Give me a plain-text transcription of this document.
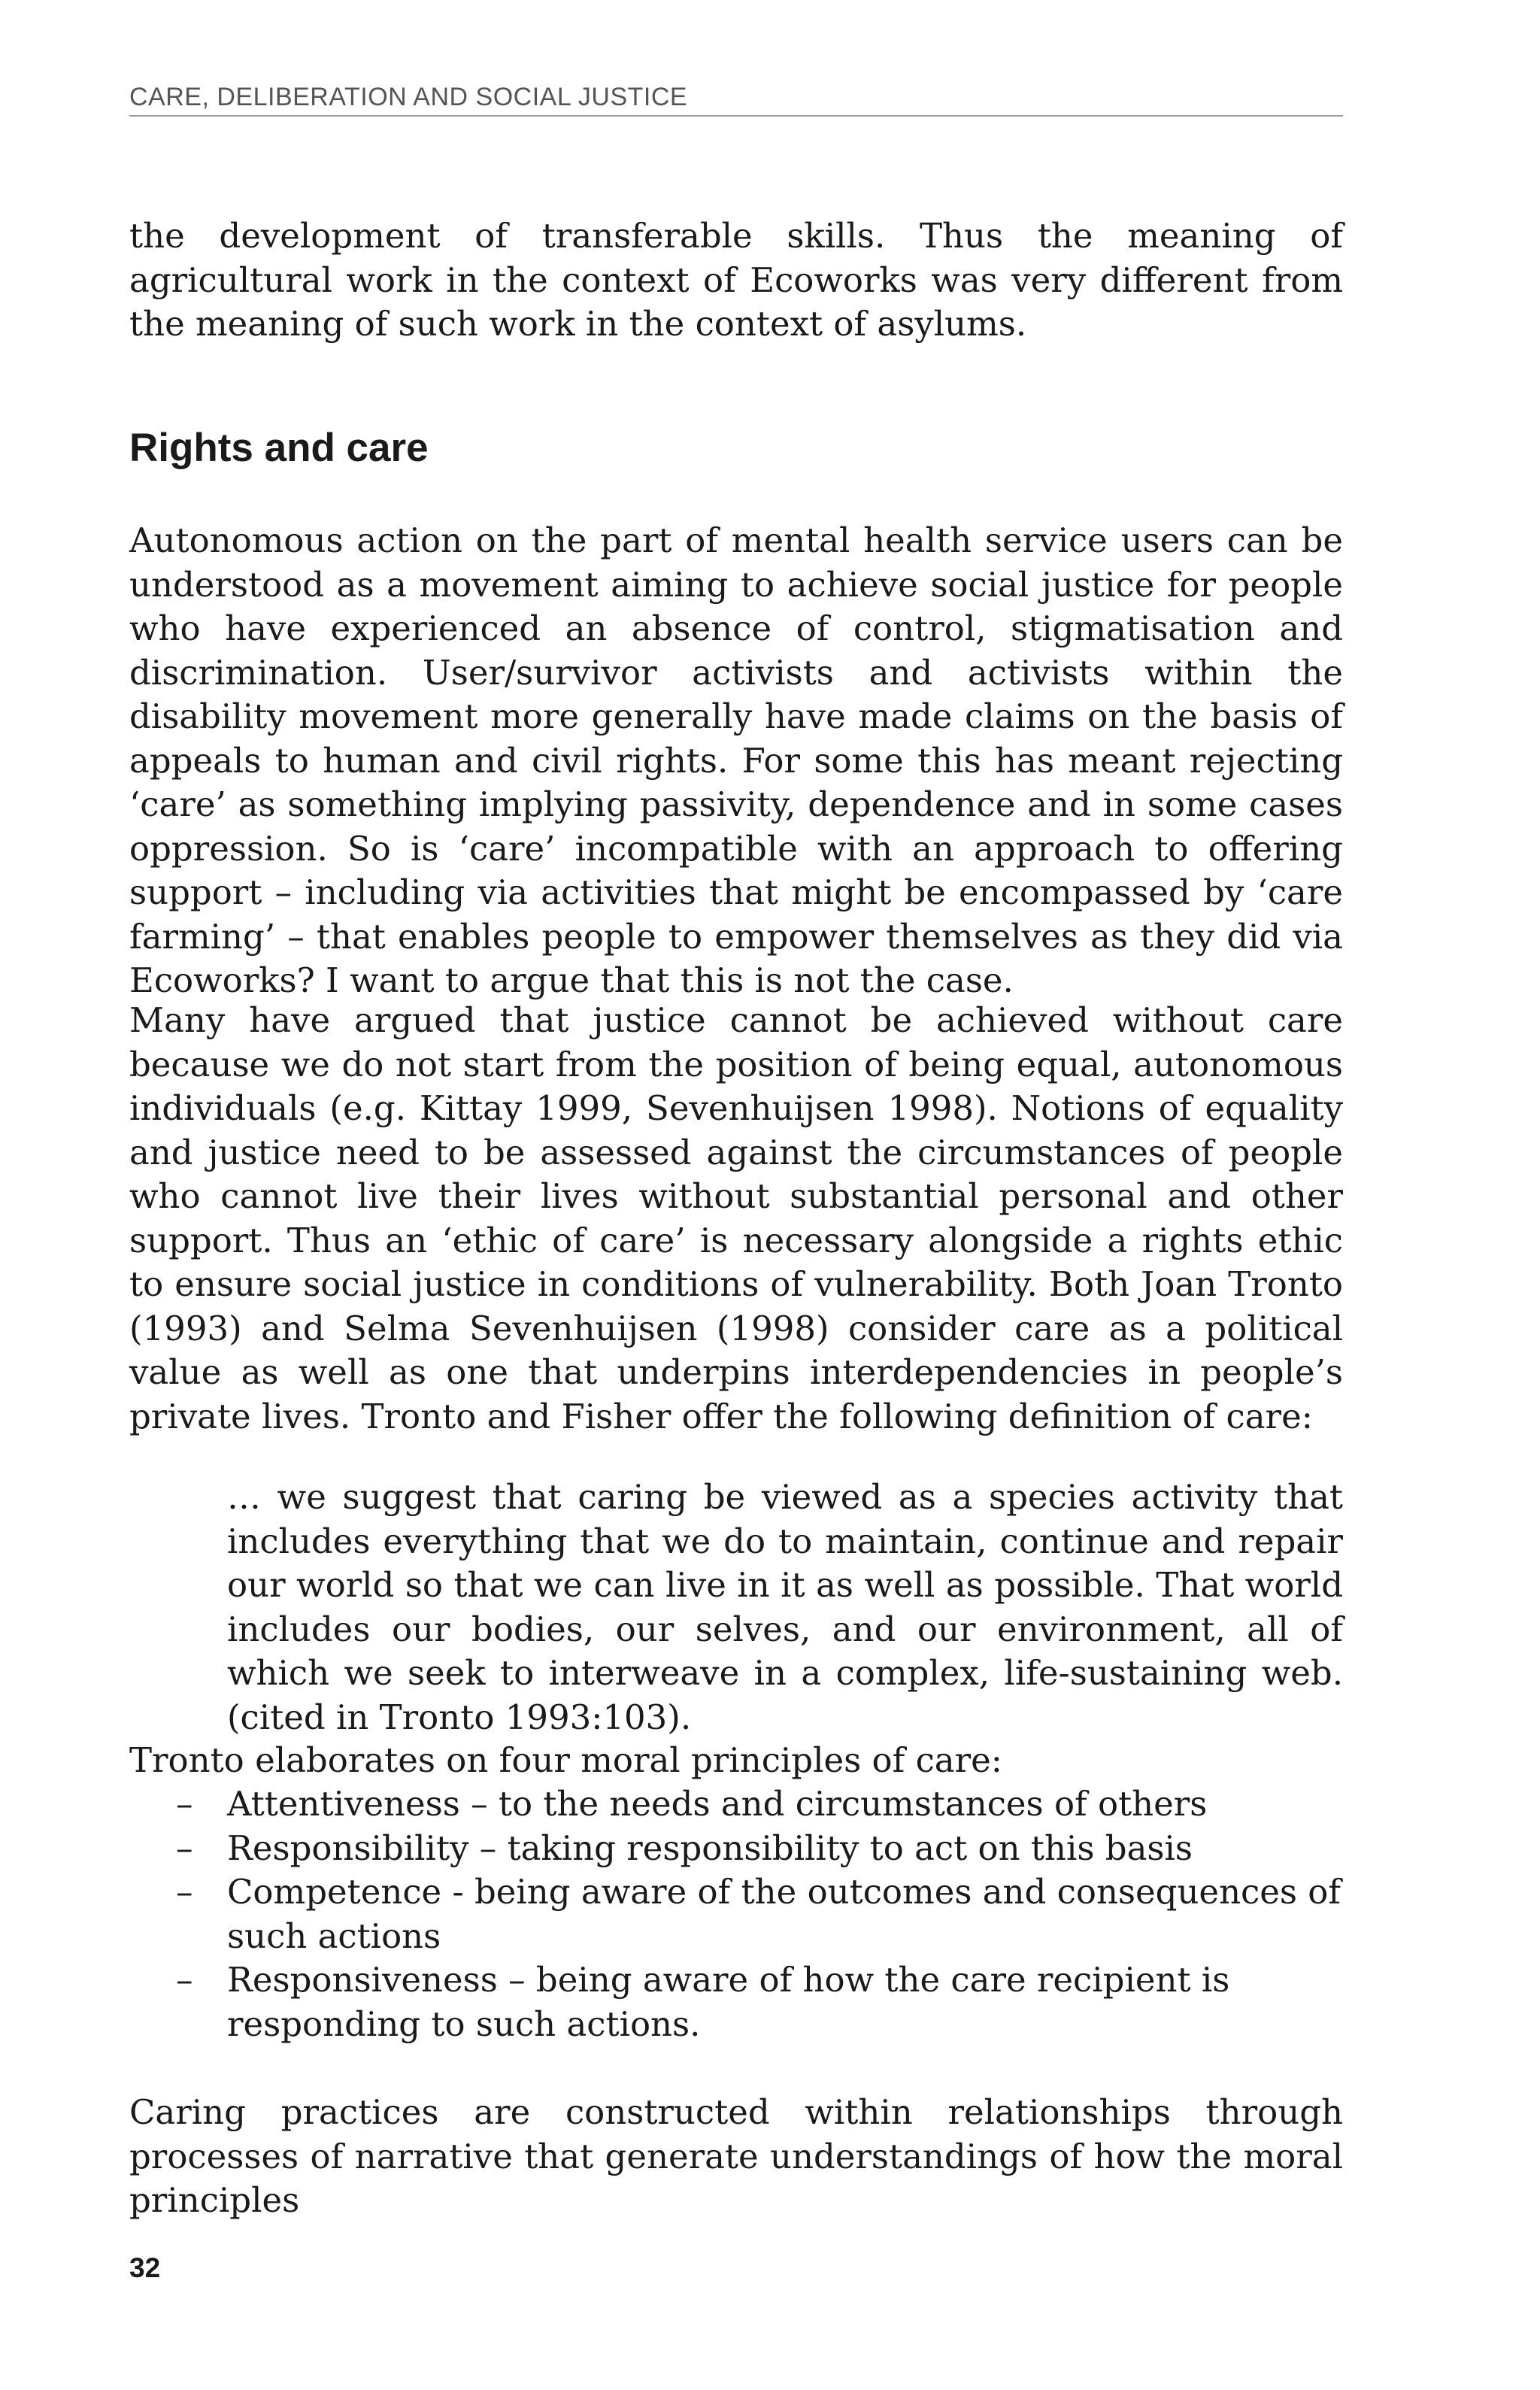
CARE, DELIBERATION AND SOCIAL JUSTICE

the development of transferable skills. Thus the meaning of agricultural work in the context of Ecoworks was very different from the meaning of such work in the context of asylums.

Rights and care

Autonomous action on the part of mental health service users can be understood as a movement aiming to achieve social justice for people who have experienced an absence of control, stigmatisation and discrimination. User/survivor activists and activists within the disability movement more generally have made claims on the basis of appeals to human and civil rights. For some this has meant rejecting ‘care’ as something implying passivity, dependence and in some cases oppression. So is ‘care’ incompatible with an approach to offering support – including via activities that might be encompassed by ‘care farming’ – that enables people to empower themselves as they did via Ecoworks? I want to argue that this is not the case.

Many have argued that justice cannot be achieved without care because we do not start from the position of being equal, autonomous individuals (e.g. Kittay 1999, Sevenhuijsen 1998). Notions of equality and justice need to be assessed against the circumstances of people who cannot live their lives without substantial personal and other support. Thus an ‘ethic of care’ is necessary alongside a rights ethic to ensure social justice in conditions of vulnerability. Both Joan Tronto (1993) and Selma Sevenhuijsen (1998) consider care as a political value as well as one that underpins interdependencies in people’s private lives. Tronto and Fisher offer the following definition of care:

… we suggest that caring be viewed as a species activity that includes everything that we do to maintain, continue and repair our world so that we can live in it as well as possible. That world includes our bodies, our selves, and our environment, all of which we seek to interweave in a complex, life-sustaining web. (cited in Tronto 1993:103).

Tronto elaborates on four moral principles of care:

– Attentiveness – to the needs and circumstances of others
– Responsibility – taking responsibility to act on this basis
– Competence - being aware of the outcomes and consequences of such actions
– Responsiveness – being aware of how the care recipient is responding to such actions.

Caring practices are constructed within relationships through processes of narrative that generate understandings of how the moral principles

32
